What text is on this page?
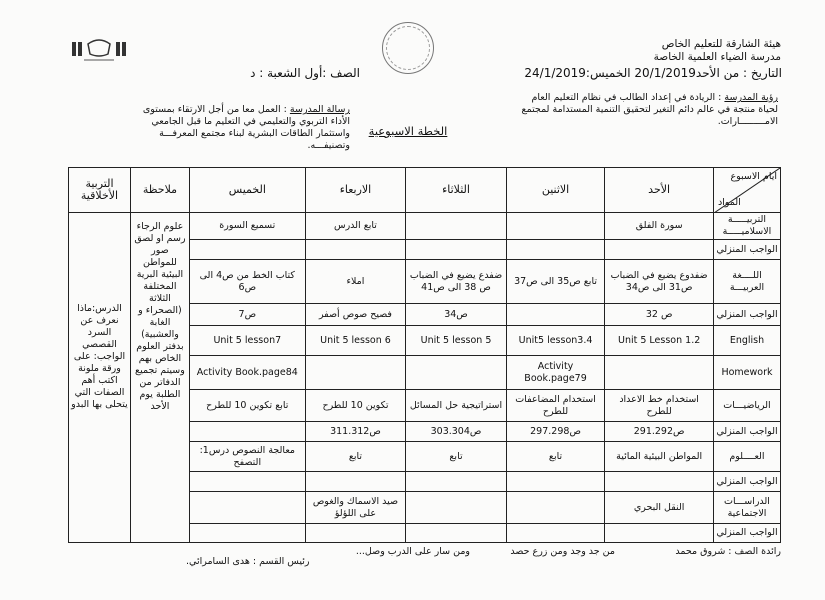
هيئة الشارقة للتعليم الخاص
مدرسة الضياء العلمية الخاصة
التاريخ : من الأحد20/1/2019 الخميس:24/1/2019
الصف :أول الشعبة : د
رؤية المدرسة : الريادة في إعداد الطالب في نظام التعليم العام لحياة منتجة في عالم دائم التغير لتحقيق التنمية المستدامة لمجتمع الامـــــــــارات.
رسالة المدرسة : العمل معا من أجل الارتقاء بمستوى الأداء التربوي والتعليمي في التعليم ما قبل الجامعي واستثمار الطاقات البشرية لبناء مجتمع المعرفـــة وتصنيفـــه.
الخطة الاسبوعية
ايام الاسبوع
المواد	الأحد	الاثنين	الثلاثاء	الاربعاء	الخميس	ملاحظة	التربية الأخلاقية
التربيـــــة الاسلاميـــــة	سورة الفلق			تابع الدرس	تسميع السورة	علوم الرجاء رسم او لصق صور للمواطن البيئية البرية المختلفة الثلاثة (الصحراء و الغابة والعشبية) بدفتر العلوم الخاص بهم وسيتم تجميع الدفاتر من الطلبة يوم الأحد	الدرس:ماذا نعرف عن السرد القصصي الواجب: على ورقة ملونة اكتب أهم الصفات التي يتحلى بها البدو
الواجب المنزلي							
اللــــغة العربيـــة	ضفدوع يضيع في الضباب ص31 الى ص34	تابع ص35 الى ص37	ضفدع يضيع في الضباب ص 38 الى ص41	املاء	كتاب الخط من ص4 الى ص6		
الواجب المنزلي	ص 32		ص34	فصيح صوص أصفر	ص7		
English	Unit 5 Lesson 1.2	Unit5 lesson3.4	Unit 5 lesson 5	Unit 5 lesson 6	Unit 5 lesson7		
Homework		Activity Book.page79			Activity Book.page84		
الرياضيـــات	استخدام خط الاعداد للطرح	استخدام المضاعفات للطرح	استراتيجية حل المسائل	تكوين 10 للطرح	تابع تكوين 10 للطرح		
الواجب المنزلي	ص291.292	ص297.298	ص303.304	ص311.312			
العــــلوم	المواطن البيئية المائية	تابع	تابع	تابع	معالجة النصوص درس1: التصفح		
الواجب المنزلي							
الدراســـات الاجتماعية	النقل البحري			صيد الاسماك والغوص على اللؤلؤ			
الواجب المنزلي							
رائدة الصف : شروق محمد
من جد وجد ومن زرع حصد
ومن سار على الدرب وصل...
رئيس القسم : هدى السامرائي.
